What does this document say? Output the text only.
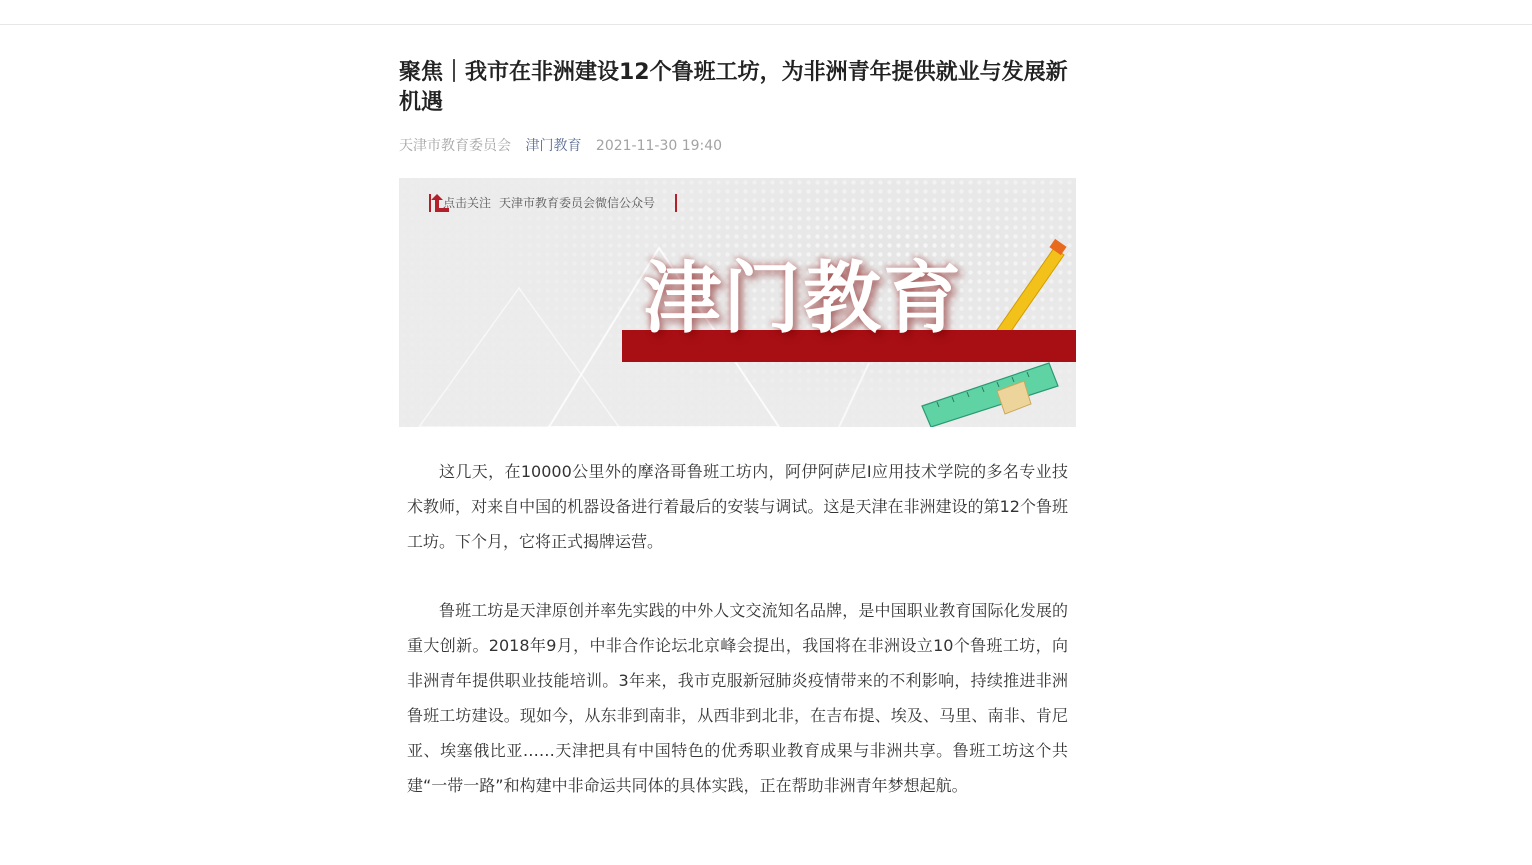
聚焦｜我市在非洲建设12个鲁班工坊，为非洲青年提供就业与发展新机遇
天津市教育委员会 津门教育 2021-11-30 19:40
津门教育
点击关注 天津市教育委员会微信公众号

这几天，在10000公里外的摩洛哥鲁班工坊内，阿伊阿萨尼I应用技术学院的多名专业技术教师，对来自中国的机器设备进行着最后的安装与调试。这是天津在非洲建设的第12个鲁班工坊。下个月，它将正式揭牌运营。

鲁班工坊是天津原创并率先实践的中外人文交流知名品牌，是中国职业教育国际化发展的重大创新。2018年9月，中非合作论坛北京峰会提出，我国将在非洲设立10个鲁班工坊，向非洲青年提供职业技能培训。3年来，我市克服新冠肺炎疫情带来的不利影响，持续推进非洲鲁班工坊建设。现如今，从东非到南非，从西非到北非，在吉布提、埃及、马里、南非、肯尼亚、埃塞俄比亚……天津把具有中国特色的优秀职业教育成果与非洲共享。鲁班工坊这个共建“一带一路”和构建中非命运共同体的具体实践，正在帮助非洲青年梦想起航。
